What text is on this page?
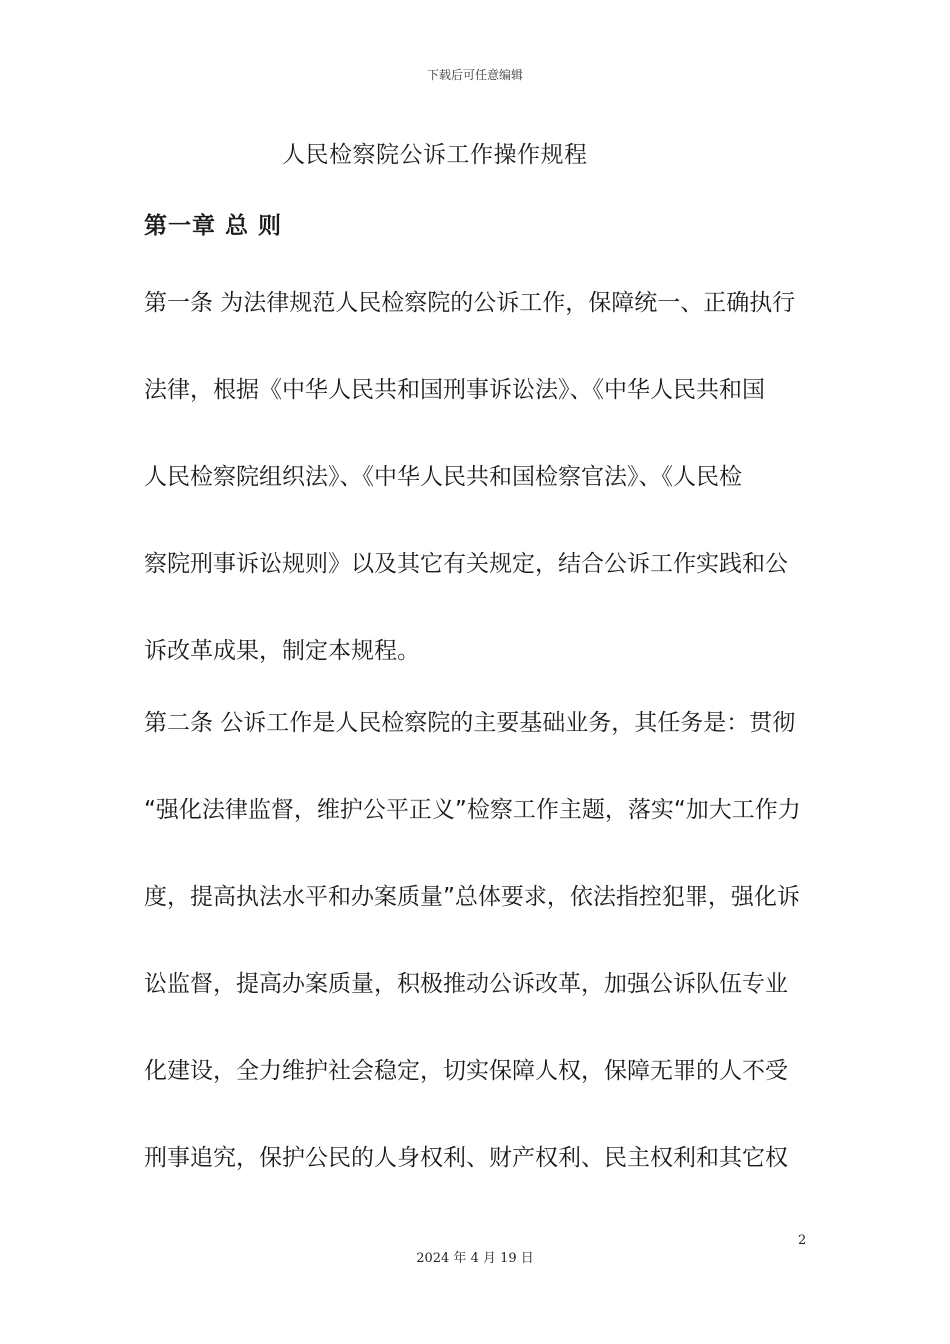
下载后可任意编辑
人民检察院公诉工作操作规程
第一章 总 则
第一条 为法律规范人民检察院的公诉工作，保障统一、正确执行
法律，根据《中华人民共和国刑事诉讼法》、《中华人民共和国
人民检察院组织法》、《中华人民共和国检察官法》、《人民检
察院刑事诉讼规则》以及其它有关规定，结合公诉工作实践和公
诉改革成果，制定本规程。
第二条 公诉工作是人民检察院的主要基础业务，其任务是：贯彻
“强化法律监督，维护公平正义”检察工作主题，落实“加大工作力
度，提高执法水平和办案质量”总体要求，依法指控犯罪，强化诉
讼监督，提高办案质量，积极推动公诉改革，加强公诉队伍专业
化建设，全力维护社会稳定，切实保障人权，保障无罪的人不受
刑事追究，保护公民的人身权利、财产权利、民主权利和其它权
2
2024 年 4 月 19 日
